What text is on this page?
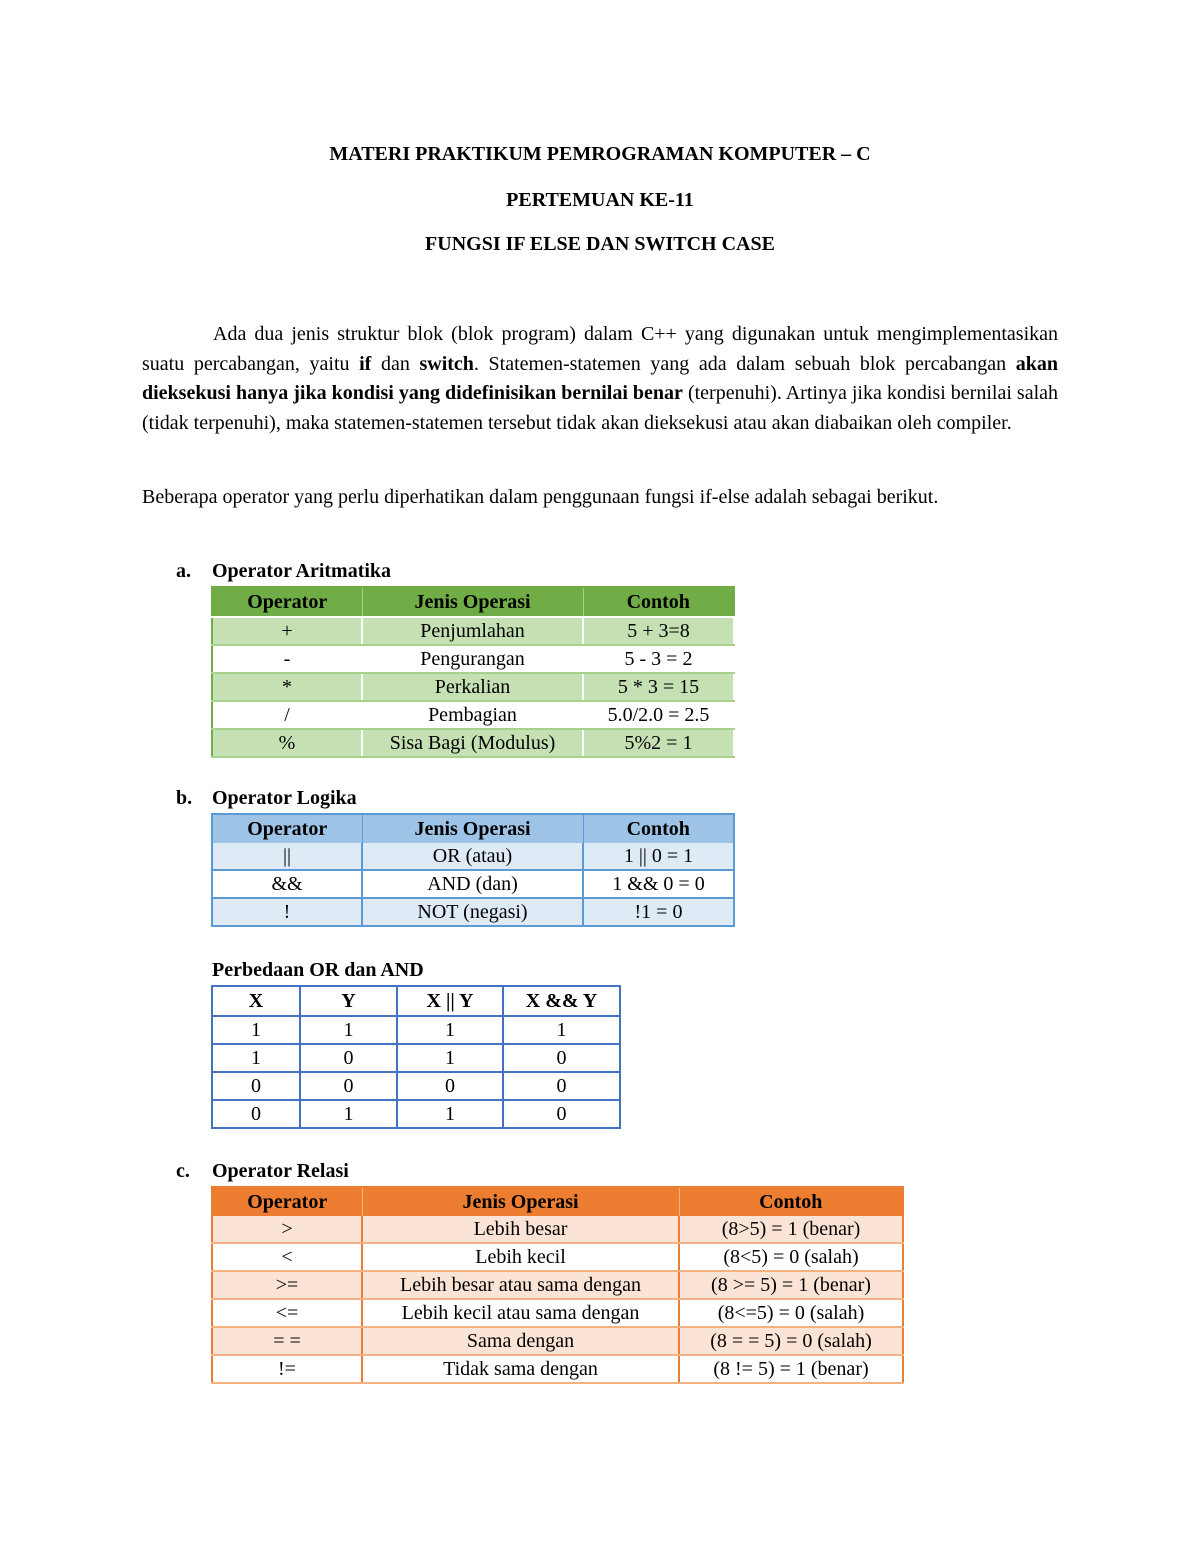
MATERI PRAKTIKUM PEMROGRAMAN KOMPUTER – C
PERTEMUAN KE-11
FUNGSI IF ELSE DAN SWITCH CASE
Ada dua jenis struktur blok (blok program) dalam C++ yang digunakan untuk mengimplementasikan suatu percabangan, yaitu if dan switch. Statemen-statemen yang ada dalam sebuah blok percabangan akan dieksekusi hanya jika kondisi yang didefinisikan bernilai benar (terpenuhi). Artinya jika kondisi bernilai salah (tidak terpenuhi), maka statemen-statemen tersebut tidak akan dieksekusi atau akan diabaikan oleh compiler.
Beberapa operator yang perlu diperhatikan dalam penggunaan fungsi if-else adalah sebagai berikut.
a. Operator Aritmatika
Operator	Jenis Operasi	Contoh
+	Penjumlahan	5 + 3=8
-	Pengurangan	5 - 3 = 2
*	Perkalian	5 * 3 = 15
/	Pembagian	5.0/2.0 = 2.5
%	Sisa Bagi (Modulus)	5%2 = 1
b. Operator Logika
Operator	Jenis Operasi	Contoh
||	OR (atau)	1 || 0 = 1
&&	AND (dan)	1 && 0 = 0
!	NOT (negasi)	!1 = 0
Perbedaan OR dan AND
X	Y	X || Y	X && Y
1	1	1	1
1	0	1	0
0	0	0	0
0	1	1	0
c. Operator Relasi
Operator	Jenis Operasi	Contoh
>	Lebih besar	(8>5) = 1 (benar)
<	Lebih kecil	(8<5) = 0 (salah)
>=	Lebih besar atau sama dengan	(8 >= 5) = 1 (benar)
<=	Lebih kecil atau sama dengan	(8<=5) = 0 (salah)
= =	Sama dengan	(8 = = 5) = 0 (salah)
!=	Tidak sama dengan	(8 != 5) = 1 (benar)
